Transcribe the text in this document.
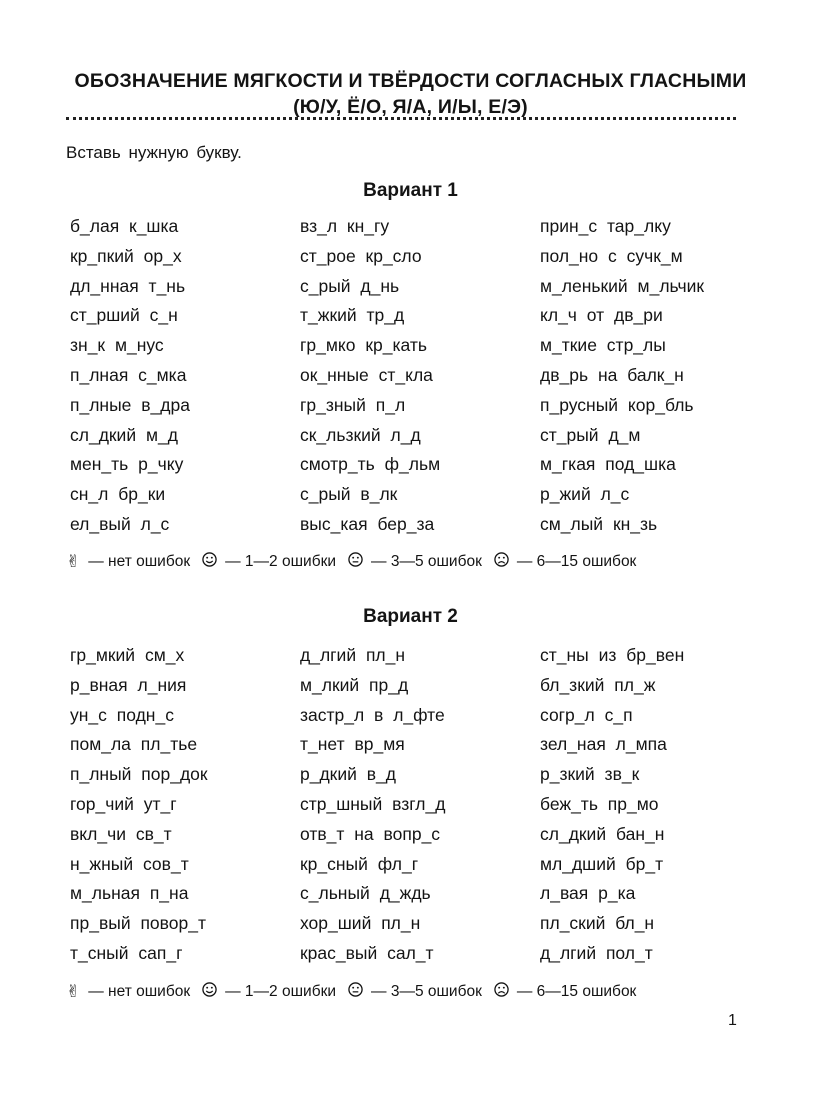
ОБОЗНАЧЕНИЕ МЯГКОСТИ И ТВЁРДОСТИ СОГЛАСНЫХ ГЛАСНЫМИ
(Ю/У, Ё/О, Я/А, И/Ы, Е/Э)
Вставь нужную букву.
Вариант 1
б_лая к_шка	вз_л кн_гу	прин_с тар_лку
кр_пкий ор_х	ст_рое кр_сло	пол_но с сучк_м
дл_нная т_нь	с_рый д_нь	м_ленький м_льчик
ст_рший с_н	т_жкий тр_д	кл_ч от дв_ри
зн_к м_нус	гр_мко кр_кать	м_ткие стр_лы
п_лная с_мка	ок_нные ст_кла	дв_рь на балк_н
п_лные в_дра	гр_зный п_л	п_русный кор_бль
сл_дкий м_д	ск_льзкий л_д	ст_рый д_м
мен_ть р_чку	смотр_ть ф_льм	м_гкая под_шка
сн_л бр_ки	с_рый в_лк	р_жий л_с
ел_вый л_с	выс_кая бер_за	см_лый кн_зь
✌ — нет ошибок — 1—2 ошибки — 3—5 ошибок — 6—15 ошибок
Вариант 2
гр_мкий см_х	д_лгий пл_н	ст_ны из бр_вен
р_вная л_ния	м_лкий пр_д	бл_зкий пл_ж
ун_с подн_с	застр_л в л_фте	согр_л с_п
пом_ла пл_тье	т_нет вр_мя	зел_ная л_мпа
п_лный пор_док	р_дкий в_д	р_зкий зв_к
гор_чий ут_г	стр_шный взгл_д	беж_ть пр_мо
вкл_чи св_т	отв_т на вопр_с	сл_дкий бан_н
н_жный сов_т	кр_сный фл_г	мл_дший бр_т
м_льная п_на	с_льный д_ждь	л_вая р_ка
пр_вый повор_т	хор_ший пл_н	пл_ский бл_н
т_сный сап_г	крас_вый сал_т	д_лгий пол_т
✌ — нет ошибок — 1—2 ошибки — 3—5 ошибок — 6—15 ошибок
1
